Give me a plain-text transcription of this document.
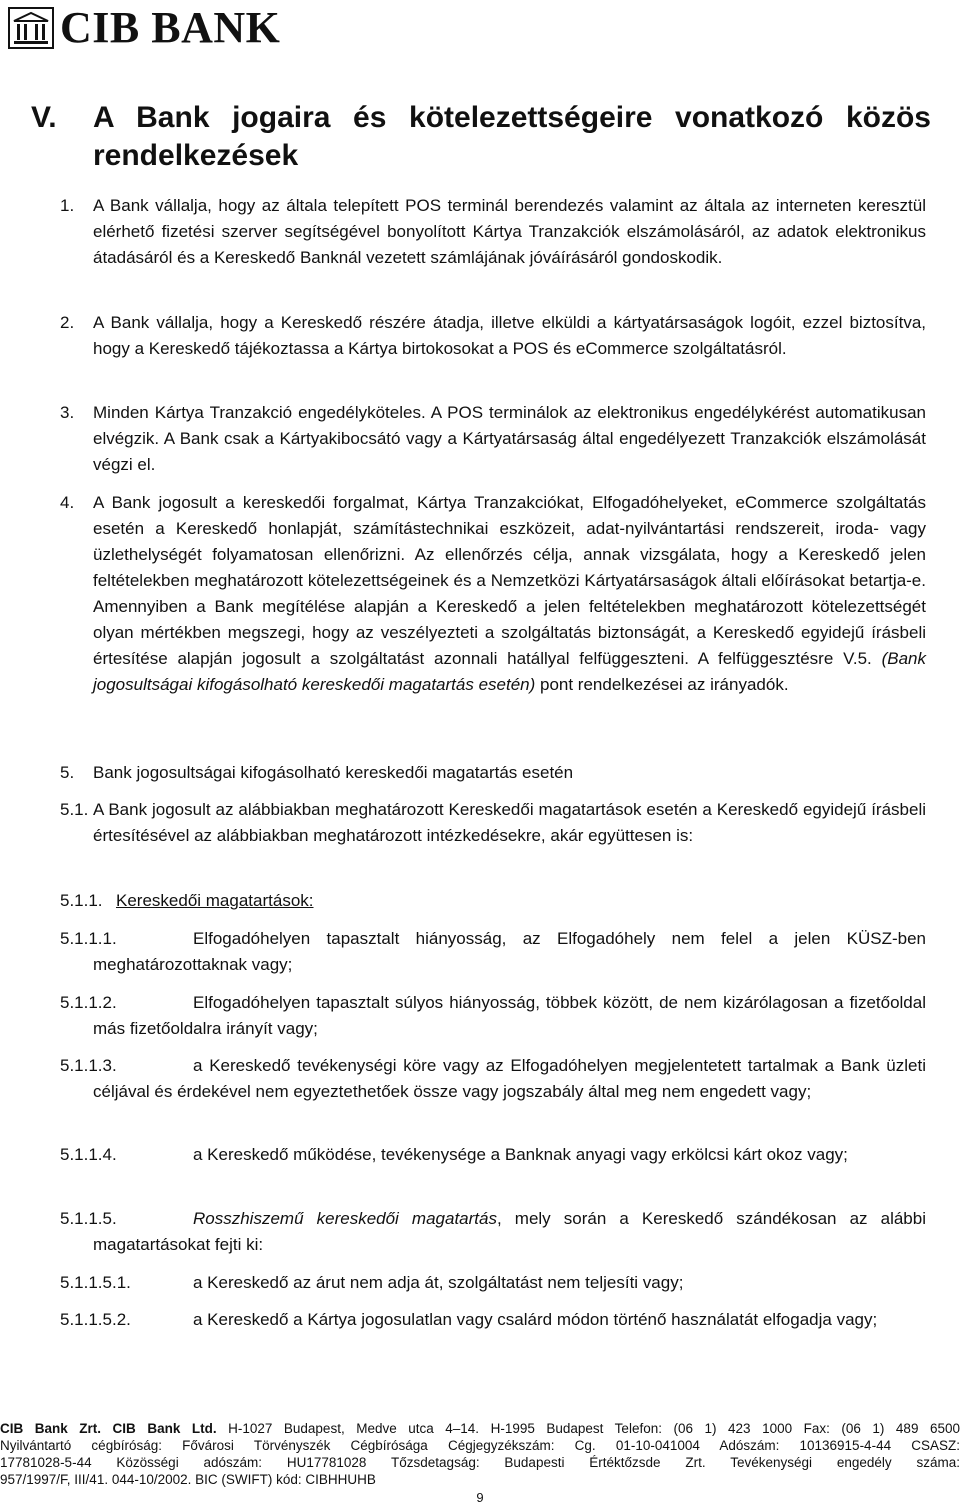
CIB BANK
V. A Bank jogaira és kötelezettségeire vonatkozó közös rendelkezések
1. A Bank vállalja, hogy az általa telepített POS terminál berendezés valamint az általa az interneten keresztül elérhető fizetési szerver segítségével bonyolított Kártya Tranzakciók elszámolásáról, az adatok elektronikus átadásáról és a Kereskedő Banknál vezetett számlájának jóváírásáról gondoskodik.
2. A Bank vállalja, hogy a Kereskedő részére átadja, illetve elküldi a kártyatársaságok logóit, ezzel biztosítva, hogy a Kereskedő tájékoztassa a Kártya birtokosokat a POS és eCommerce szolgáltatásról.
3. Minden Kártya Tranzakció engedélyköteles. A POS terminálok az elektronikus engedélykérést automatikusan elvégzik. A Bank csak a Kártyakibocsátó vagy a Kártyatársaság által engedélyezett Tranzakciók elszámolását végzi el.
4. A Bank jogosult a kereskedői forgalmat, Kártya Tranzakciókat, Elfogadóhelyeket, eCommerce szolgáltatás esetén a Kereskedő honlapját, számítástechnikai eszközeit, adat-nyilvántartási rendszereit, iroda- vagy üzlethelységét folyamatosan ellenőrizni. Az ellenőrzés célja, annak vizsgálata, hogy a Kereskedő jelen feltételekben meghatározott kötelezettségeinek és a Nemzetközi Kártyatársaságok általi előírásokat betartja-e. Amennyiben a Bank megítélése alapján a Kereskedő a jelen feltételekben meghatározott kötelezettségét olyan mértékben megszegi, hogy az veszélyezteti a szolgáltatás biztonságát, a Kereskedő egyidejű írásbeli értesítése alapján jogosult a szolgáltatást azonnali hatállyal felfüggeszteni. A felfüggesztésre V.5. (Bank jogosultságai kifogásolható kereskedői magatartás esetén) pont rendelkezései az irányadók.
5. Bank jogosultságai kifogásolható kereskedői magatartás esetén
5.1. A Bank jogosult az alábbiakban meghatározott Kereskedői magatartások esetén a Kereskedő egyidejű írásbeli értesítésével az alábbiakban meghatározott intézkedésekre, akár együttesen is:
5.1.1. Kereskedői magatartások:
5.1.1.1.	Elfogadóhelyen tapasztalt hiányosság, az Elfogadóhely nem felel a jelen KÜSZ-ben meghatározottaknak vagy;
5.1.1.2.	Elfogadóhelyen tapasztalt súlyos hiányosság, többek között, de nem kizárólagosan a fizetőoldal más fizetőoldalra irányít vagy;
5.1.1.3.	a Kereskedő tevékenységi köre vagy az Elfogadóhelyen megjelentetett tartalmak a Bank üzleti céljával és érdekével nem egyeztethetőek össze vagy jogszabály által meg nem engedett vagy;
5.1.1.4.	a Kereskedő működése, tevékenysége a Banknak anyagi vagy erkölcsi kárt okoz vagy;
5.1.1.5.	Rosszhiszemű kereskedői magatartás, mely során a Kereskedő szándékosan az alábbi magatartásokat fejti ki:
5.1.1.5.1.	a Kereskedő az árut nem adja át, szolgáltatást nem teljesíti vagy;
5.1.1.5.2.	a Kereskedő a Kártya jogosulatlan vagy csalárd módon történő használatát elfogadja vagy;
CIB Bank Zrt. CIB Bank Ltd. H-1027 Budapest, Medve utca 4–14. H-1995 Budapest Telefon: (06 1) 423 1000 Fax: (06 1) 489 6500
Nyilvántartó cégbíróság: Fővárosi Törvényszék Cégbírósága Cégjegyzékszám: Cg. 01-10-041004 Adószám: 10136915-4-44 CSASZ:
17781028-5-44 Közösségi adószám: HU17781028 Tőzsdetagság: Budapesti Értéktőzsde Zrt. Tevékenységi engedély száma:
957/1997/F, III/41. 044-10/2002. BIC (SWIFT) kód: CIBHHUHB
9
